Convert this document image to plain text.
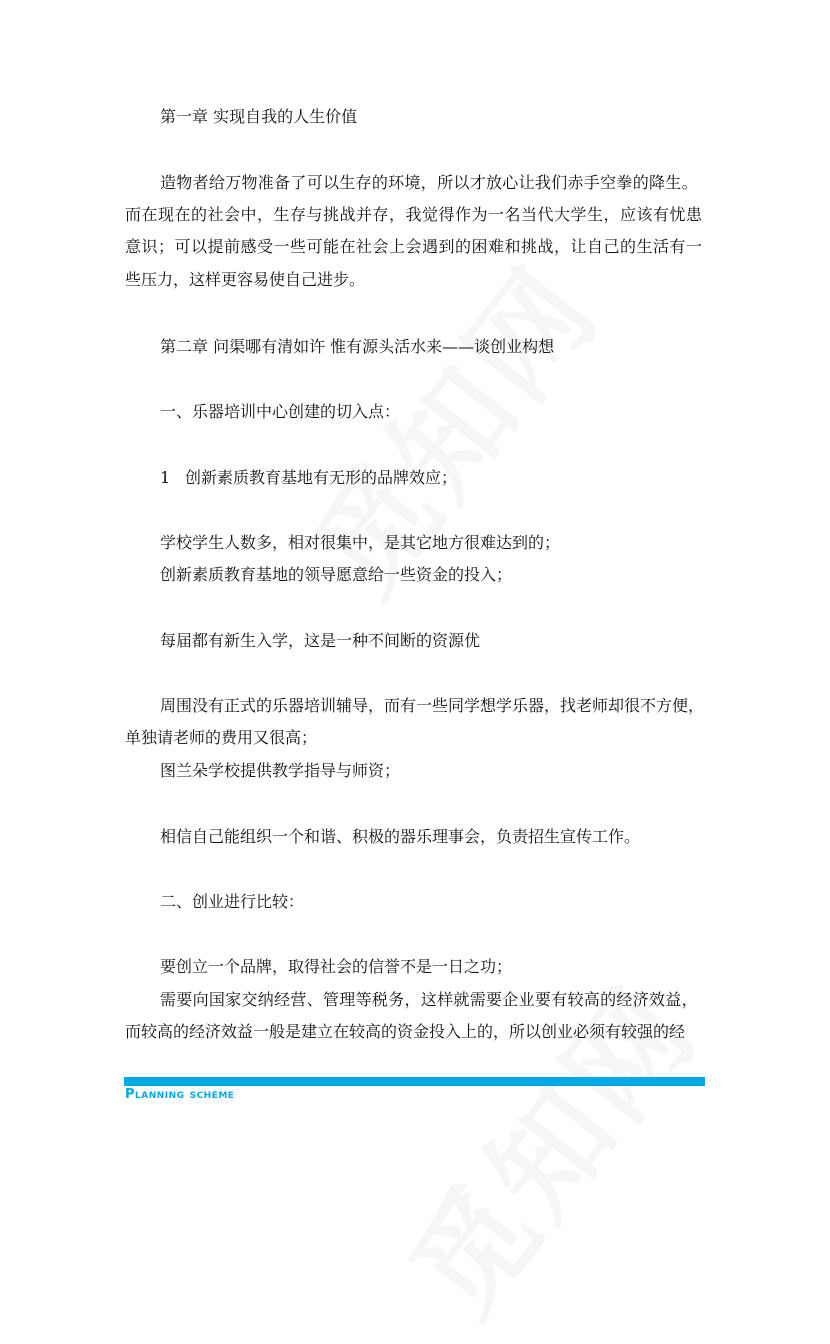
第一章 实现自我的人生价值
造物者给万物准备了可以生存的环境，所以才放心让我们赤手空拳的降生。
而在现在的社会中，生存与挑战并存，我觉得作为一名当代大学生，应该有忧患
意识；可以提前感受一些可能在社会上会遇到的困难和挑战，让自己的生活有一
些压力，这样更容易使自己进步。
第二章 问渠哪有清如许 惟有源头活水来——谈创业构想
一、乐器培训中心创建的切入点：
1 创新素质教育基地有无形的品牌效应；
学校学生人数多，相对很集中，是其它地方很难达到的；
创新素质教育基地的领导愿意给一些资金的投入；
每届都有新生入学，这是一种不间断的资源优
周围没有正式的乐器培训辅导，而有一些同学想学乐器，找老师却很不方便，
单独请老师的费用又很高；
图兰朵学校提供教学指导与师资；
相信自己能组织一个和谐、积极的器乐理事会，负责招生宣传工作。
二、创业进行比较：
要创立一个品牌，取得社会的信誉不是一日之功；
需要向国家交纳经营、管理等税务，这样就需要企业要有较高的经济效益，
而较高的经济效益一般是建立在较高的资金投入上的，所以创业必须有较强的经
Planning scheme
